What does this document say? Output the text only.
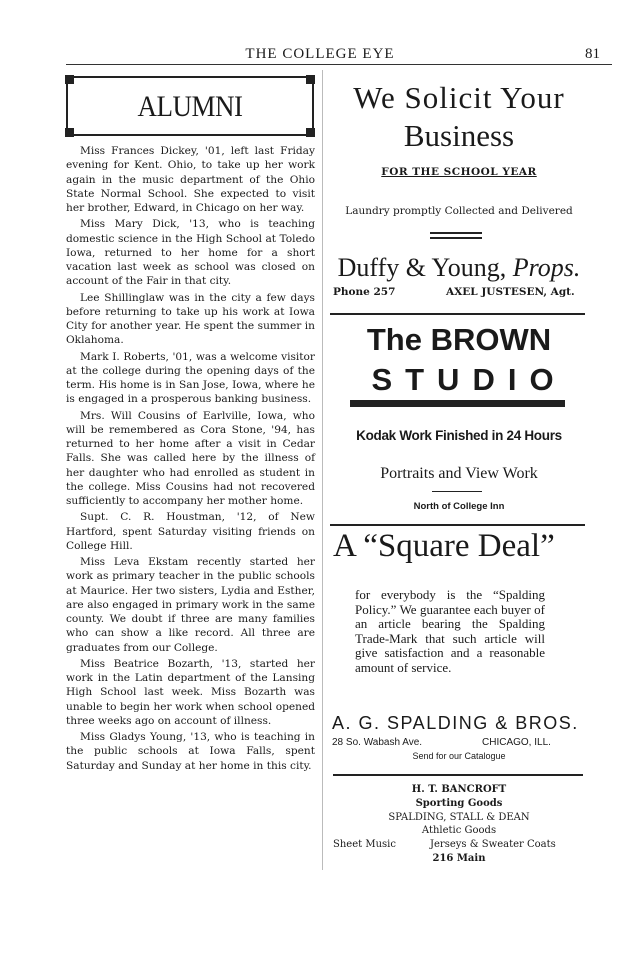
THE COLLEGE EYE	81
ALUMNI

Miss Frances Dickey, '01, left last Friday evening for Kent. Ohio, to take up her work again in the music department of the Ohio State Normal School. She expected to visit her brother, Edward, in Chicago on her way.

Miss Mary Dick, '13, who is teaching domestic science in the High School at Toledo Iowa, returned to her home for a short vacation last week as school was closed on account of the Fair in that city.

Lee Shillinglaw was in the city a few days before returning to take up his work at Iowa City for another year. He spent the summer in Oklahoma.

Mark I. Roberts, '01, was a welcome visitor at the college during the opening days of the term. His home is in San Jose, Iowa, where he is engaged in a prosperous banking business.

Mrs. Will Cousins of Earlville, Iowa, who will be remembered as Cora Stone, '94, has returned to her home after a visit in Cedar Falls. She was called here by the illness of her daughter who had enrolled as student in the college. Miss Cousins had not recovered sufficiently to accompany her mother home.

Supt. C. R. Houstman, '12, of New Hartford, spent Saturday visiting friends on College Hill.

Miss Leva Ekstam recently started her work as primary teacher in the public schools at Maurice. Her two sisters, Lydia and Esther, are also engaged in primary work in the same county. We doubt if three are many families who can show a like record. All three are graduates from our College.

Miss Beatrice Bozarth, '13, started her work in the Latin department of the Lansing High School last week. Miss Bozarth was unable to begin her work when school opened three weeks ago on account of illness.

Miss Gladys Young, '13, who is teaching in the public schools at Iowa Falls, spent Saturday and Sunday at her home in this city.

We Solicit Your
Business
FOR THE SCHOOL YEAR
Laundry promptly Collected and Delivered
Duffy & Young, Props.
Phone 257	AXEL JUSTESEN, Agt.
The BROWN
STUDIO
Kodak Work Finished in 24 Hours
Portraits and View Work
North of College Inn
A “Square Deal”
for everybody is the “Spalding Policy.” We guarantee each buyer of an article bearing the Spalding Trade-Mark that such article will give satisfaction and a reasonable amount of service.
A. G. SPALDING & BROS.
28 So. Wabash Ave.	CHICAGO, ILL.
Send for our Catalogue
H. T. BANCROFT
Sporting Goods
SPALDING, STALL & DEAN
Athletic Goods
Sheet Music	Jerseys & Sweater Coats
216 Main
